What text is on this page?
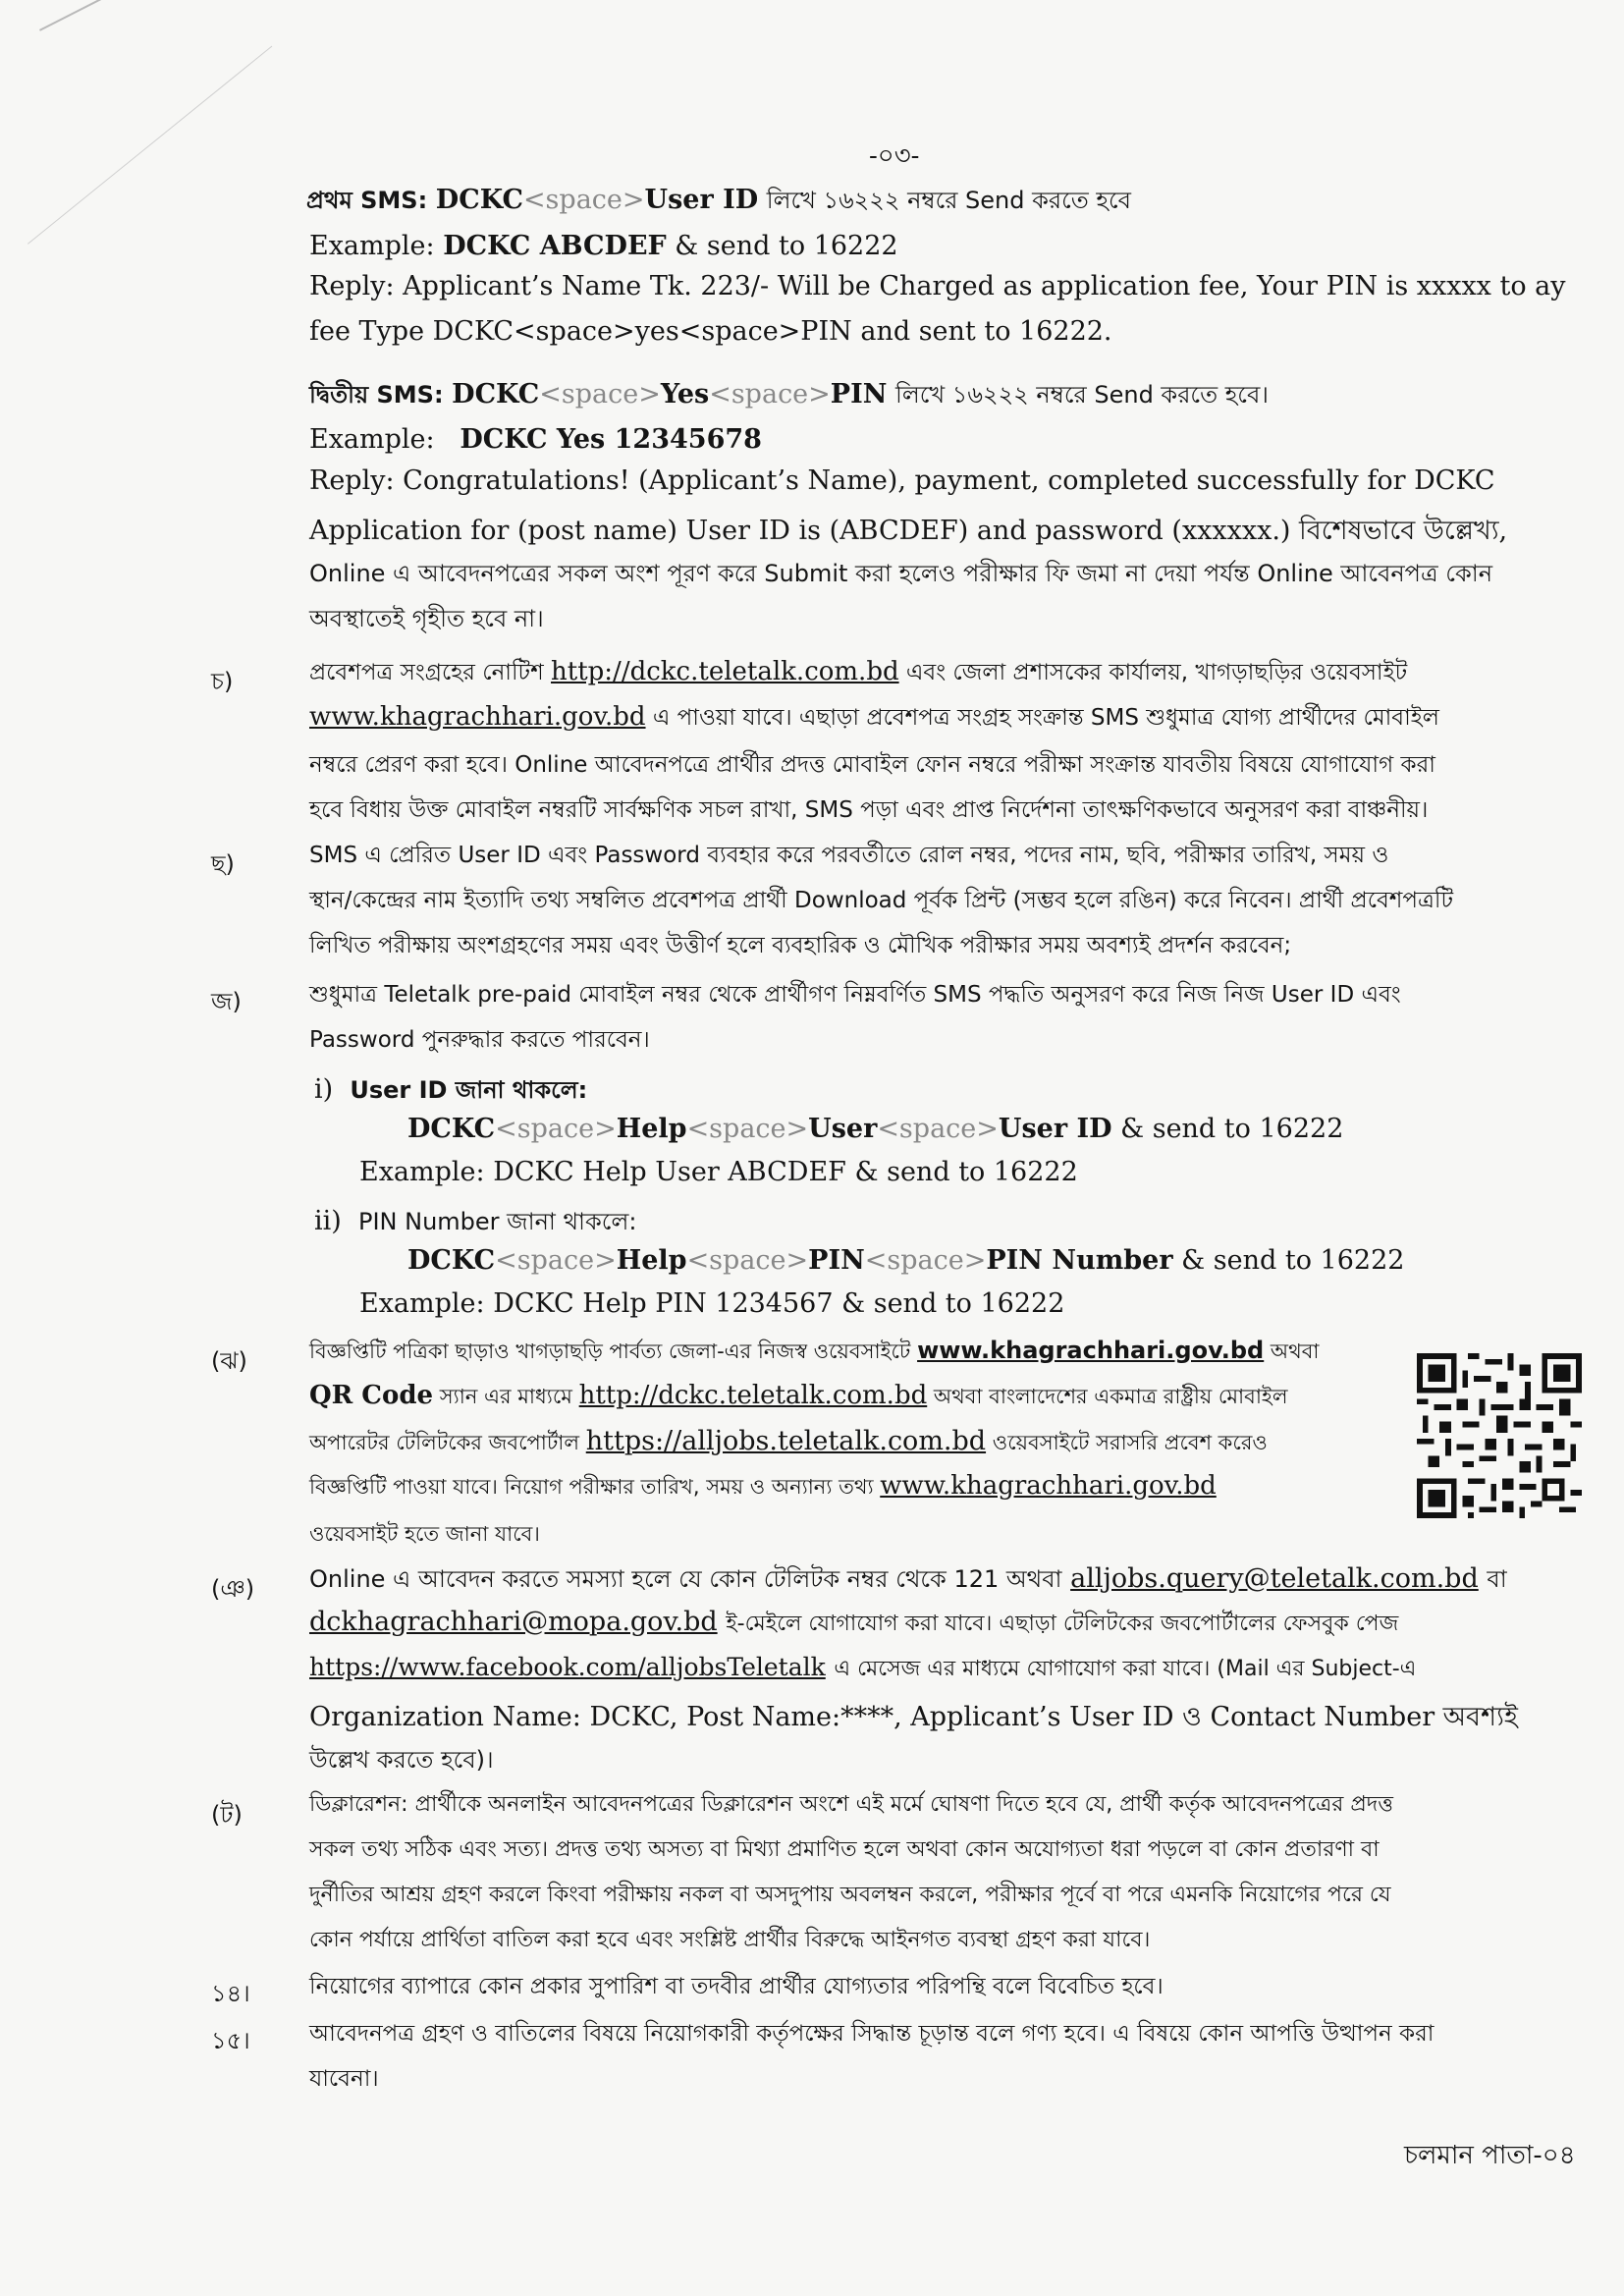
-০৩-
প্রথম SMS: DCKC<space>User ID লিখে ১৬২২২ নম্বরে Send করতে হবে
Example: DCKC ABCDEF & send to 16222
Reply: Applicant’s Name Tk. 223/- Will be Charged as application fee, Your PIN is xxxxx to ay
fee Type DCKC<space>yes<space>PIN and sent to 16222.
দ্বিতীয় SMS: DCKC<space>Yes<space>PIN লিখে ১৬২২২ নম্বরে Send করতে হবে।
Example: DCKC Yes 12345678
Reply: Congratulations! (Applicant’s Name), payment, completed successfully for DCKC
Application for (post name) User ID is (ABCDEF) and password (xxxxxx.) বিশেষভাবে উল্লেখ্য,
Online এ আবেদনপত্রের সকল অংশ পূরণ করে Submit করা হলেও পরীক্ষার ফি জমা না দেয়া পর্যন্ত Online আবেনপত্র কোন
অবস্থাতেই গৃহীত হবে না।
চ)	প্রবেশপত্র সংগ্রহের নোটিশ http://dckc.teletalk.com.bd এবং জেলা প্রশাসকের কার্যালয়, খাগড়াছড়ির ওয়েবসাইট
www.khagrachhari.gov.bd এ পাওয়া যাবে। এছাড়া প্রবেশপত্র সংগ্রহ সংক্রান্ত SMS শুধুমাত্র যোগ্য প্রার্থীদের মোবাইল
নম্বরে প্রেরণ করা হবে। Online আবেদনপত্রে প্রার্থীর প্রদত্ত মোবাইল ফোন নম্বরে পরীক্ষা সংক্রান্ত যাবতীয় বিষয়ে যোগাযোগ করা
হবে বিধায় উক্ত মোবাইল নম্বরটি সার্বক্ষণিক সচল রাখা, SMS পড়া এবং প্রাপ্ত নির্দেশনা তাৎক্ষণিকভাবে অনুসরণ করা বাঞ্চনীয়।
ছ)	SMS এ প্রেরিত User ID এবং Password ব্যবহার করে পরবর্তীতে রোল নম্বর, পদের নাম, ছবি, পরীক্ষার তারিখ, সময় ও
স্থান/কেন্দ্রের নাম ইত্যাদি তথ্য সম্বলিত প্রবেশপত্র প্রার্থী Download পূর্বক প্রিন্ট (সম্ভব হলে রঙিন) করে নিবেন। প্রার্থী প্রবেশপত্রটি
লিখিত পরীক্ষায় অংশগ্রহণের সময় এবং উত্তীর্ণ হলে ব্যবহারিক ও মৌখিক পরীক্ষার সময় অবশ্যই প্রদর্শন করবেন;
জ)	শুধুমাত্র Teletalk pre-paid মোবাইল নম্বর থেকে প্রার্থীগণ নিম্নবর্ণিত SMS পদ্ধতি অনুসরণ করে নিজ নিজ User ID এবং
Password পুনরুদ্ধার করতে পারবেন।
i) User ID জানা থাকলে:
DCKC<space>Help<space>User<space>User ID & send to 16222
Example: DCKC Help User ABCDEF & send to 16222
ii) PIN Number জানা থাকলে:
DCKC<space>Help<space>PIN<space>PIN Number & send to 16222
Example: DCKC Help PIN 1234567 & send to 16222
(ঝ)	বিজ্ঞপ্তিটি পত্রিকা ছাড়াও খাগড়াছড়ি পার্বত্য জেলা-এর নিজস্ব ওয়েবসাইটে www.khagrachhari.gov.bd অথবা
QR Code স্যান এর মাধ্যমে http://dckc.teletalk.com.bd অথবা বাংলাদেশের একমাত্র রাষ্ট্রীয় মোবাইল
অপারেটর টেলিটকের জবপোর্টাল https://alljobs.teletalk.com.bd ওয়েবসাইটে সরাসরি প্রবেশ করেও
বিজ্ঞপ্তিটি পাওয়া যাবে। নিয়োগ পরীক্ষার তারিখ, সময় ও অন্যান্য তথ্য www.khagrachhari.gov.bd
ওয়েবসাইট হতে জানা যাবে।
(ঞ) Online এ আবেদন করতে সমস্যা হলে যে কোন টেলিটক নম্বর থেকে 121 অথবা alljobs.query@teletalk.com.bd বা
dckhagrachhari@mopa.gov.bd ই-মেইলে যোগাযোগ করা যাবে। এছাড়া টেলিটকের জবপোর্টালের ফেসবুক পেজ
https://www.facebook.com/alljobsTeletalk এ মেসেজ এর মাধ্যমে যোগাযোগ করা যাবে। (Mail এর Subject-এ
Organization Name: DCKC, Post Name:****, Applicant’s User ID ও Contact Number অবশ্যই
উল্লেখ করতে হবে)।
(ট)	ডিক্লারেশন: প্রার্থীকে অনলাইন আবেদনপত্রের ডিক্লারেশন অংশে এই মর্মে ঘোষণা দিতে হবে যে, প্রার্থী কর্তৃক আবেদনপত্রের প্রদত্ত
সকল তথ্য সঠিক এবং সত্য। প্রদত্ত তথ্য অসত্য বা মিথ্যা প্রমাণিত হলে অথবা কোন অযোগ্যতা ধরা পড়লে বা কোন প্রতারণা বা
দুর্নীতির আশ্রয় গ্রহণ করলে কিংবা পরীক্ষায় নকল বা অসদুপায় অবলম্বন করলে, পরীক্ষার পূর্বে বা পরে এমনকি নিয়োগের পরে যে
কোন পর্যায়ে প্রার্থিতা বাতিল করা হবে এবং সংশ্লিষ্ট প্রার্থীর বিরুদ্ধে আইনগত ব্যবস্থা গ্রহণ করা যাবে।
১৪।	নিয়োগের ব্যাপারে কোন প্রকার সুপারিশ বা তদবীর প্রার্থীর যোগ্যতার পরিপন্থি বলে বিবেচিত হবে।
১৫।	আবেদনপত্র গ্রহণ ও বাতিলের বিষয়ে নিয়োগকারী কর্তৃপক্ষের সিদ্ধান্ত চূড়ান্ত বলে গণ্য হবে। এ বিষয়ে কোন আপত্তি উত্থাপন করা
যাবেনা।
চলমান পাতা-০৪
